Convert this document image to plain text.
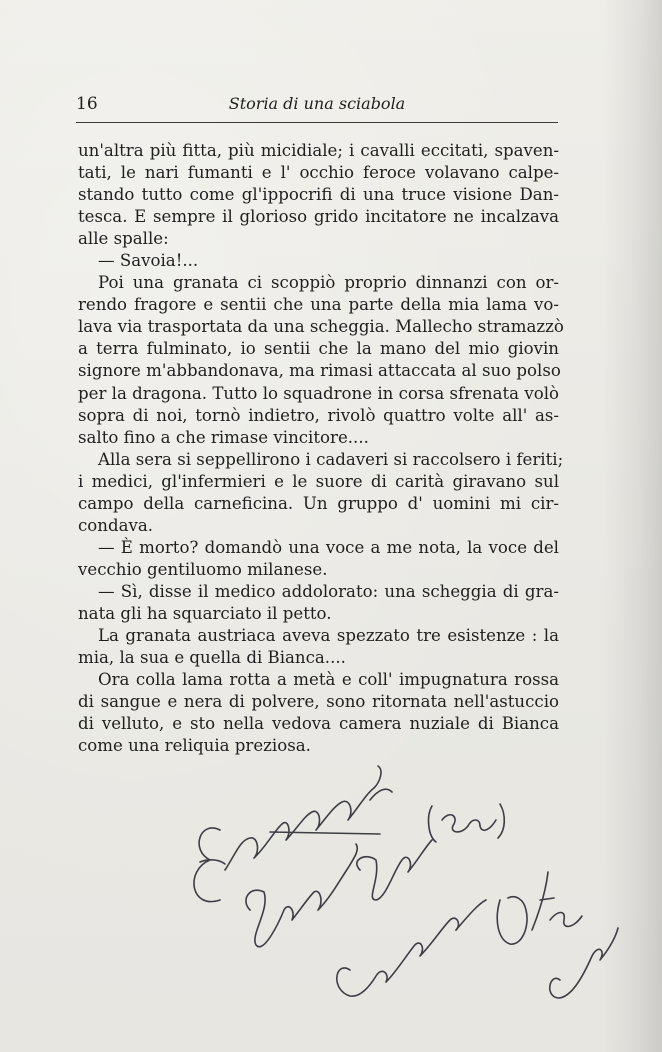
16	Storia di una sciabola
un'altra più fitta, più micidiale; i cavalli eccitati, spaven-
tati, le nari fumanti e l' occhio feroce volavano calpe-
stando tutto come gl'ippocrifi di una truce visione Dan-
tesca. E sempre il glorioso grido incitatore ne incalzava
alle spalle:
— Savoia!...
Poi una granata ci scoppiò proprio dinnanzi con or-
rendo fragore e sentii che una parte della mia lama vo-
lava via trasportata da una scheggia. Mallecho stramazzò
a terra fulminato, io sentii che la mano del mio giovin
signore m'abbandonava, ma rimasi attaccata al suo polso
per la dragona. Tutto lo squadrone in corsa sfrenata volò
sopra di noi, tornò indietro, rivolò quattro volte all' as-
salto fino a che rimase vincitore....
Alla sera si seppellirono i cadaveri si raccolsero i feriti;
i medici, gl'infermieri e le suore di carità giravano sul
campo della carneficina. Un gruppo d' uomini mi cir-
condava.
— È morto? domandò una voce a me nota, la voce del
vecchio gentiluomo milanese.
— Sì, disse il medico addolorato: una scheggia di gra-
nata gli ha squarciato il petto.
La granata austriaca aveva spezzato tre esistenze : la
mia, la sua e quella di Bianca....
Ora colla lama rotta a metà e coll' impugnatura rossa
di sangue e nera di polvere, sono ritornata nell'astuccio
di velluto, e sto nella vedova camera nuziale di Bianca
come una reliquia preziosa.
